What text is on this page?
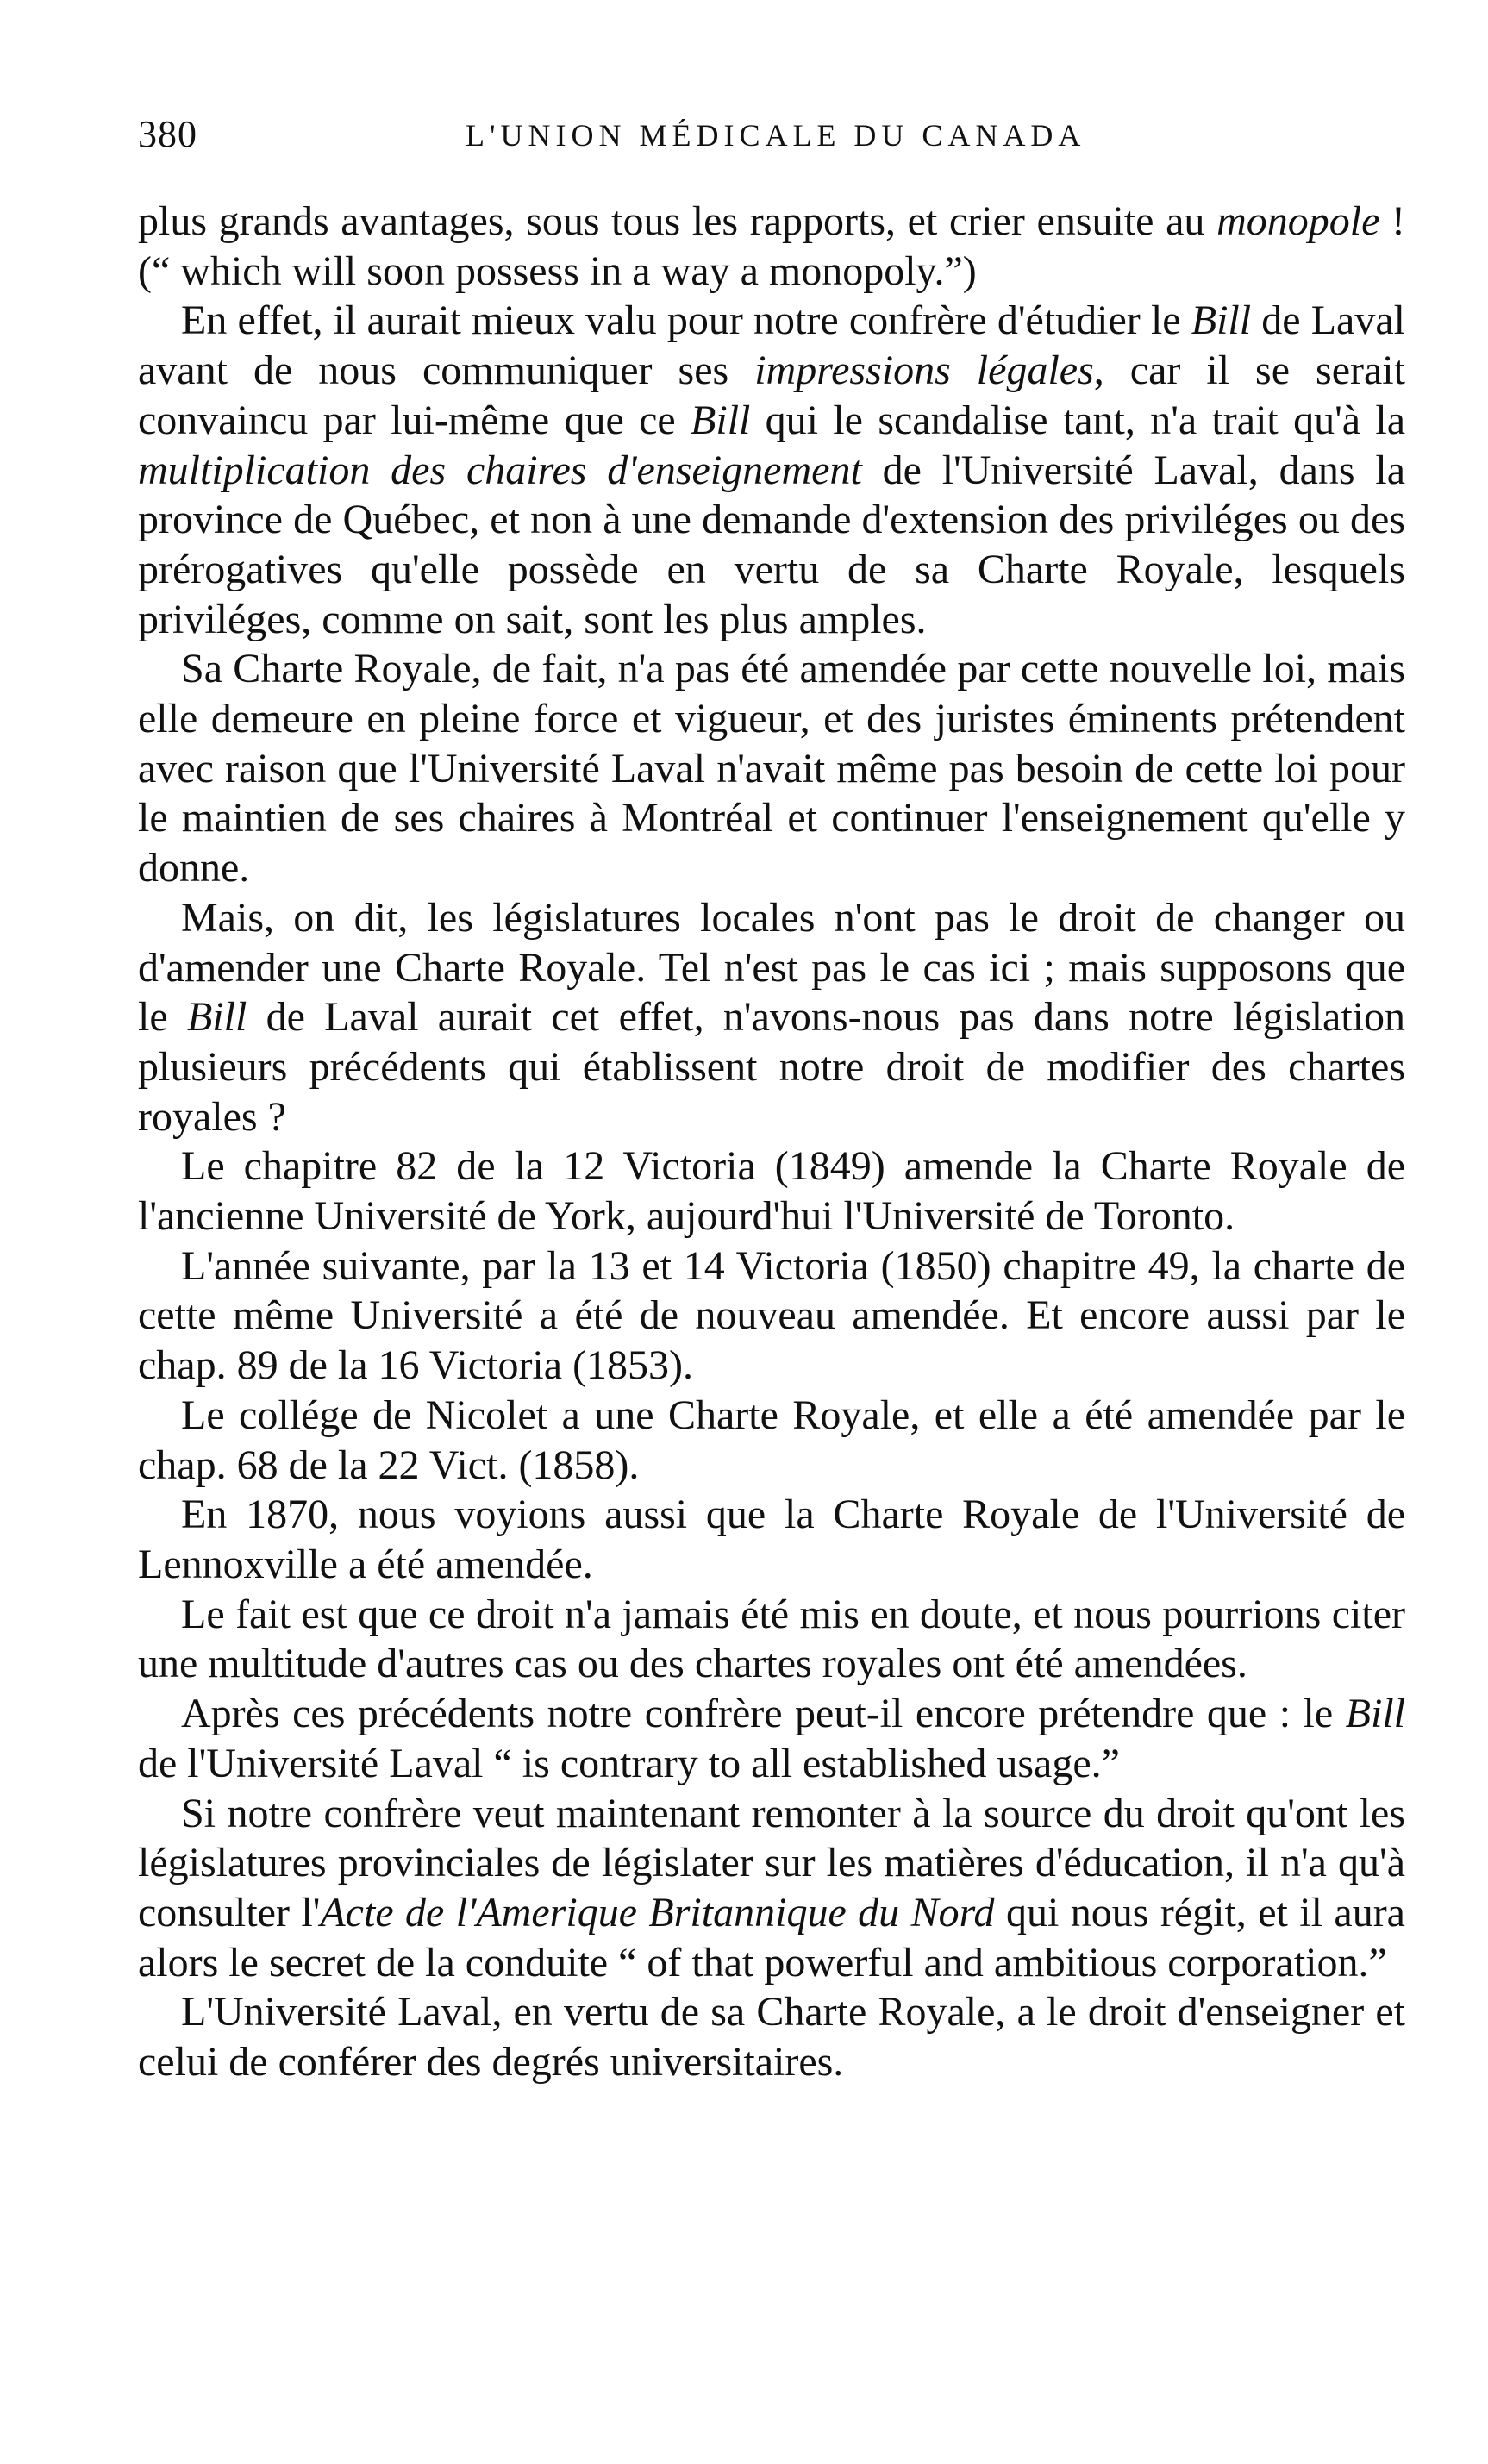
380	L'UNION MÉDICALE DU CANADA

plus grands avantages, sous tous les rapports, et crier ensuite au monopole ! (“ which will soon possess in a way a monopoly.”)

En effet, il aurait mieux valu pour notre confrère d'étudier le Bill de Laval avant de nous communiquer ses impressions légales, car il se serait convaincu par lui-même que ce Bill qui le scandalise tant, n'a trait qu'à la multiplication des chaires d'enseignement de l'Université Laval, dans la province de Québec, et non à une demande d'extension des priviléges ou des prérogatives qu'elle possède en vertu de sa Charte Royale, lesquels priviléges, comme on sait, sont les plus amples.

Sa Charte Royale, de fait, n'a pas été amendée par cette nouvelle loi, mais elle demeure en pleine force et vigueur, et des juristes éminents prétendent avec raison que l'Université Laval n'avait même pas besoin de cette loi pour le maintien de ses chaires à Montréal et continuer l'enseignement qu'elle y donne.

Mais, on dit, les législatures locales n'ont pas le droit de changer ou d'amender une Charte Royale. Tel n'est pas le cas ici ; mais supposons que le Bill de Laval aurait cet effet, n'avons-nous pas dans notre législation plusieurs précédents qui établissent notre droit de modifier des chartes royales ?

Le chapitre 82 de la 12 Victoria (1849) amende la Charte Royale de l'ancienne Université de York, aujourd'hui l'Université de Toronto.

L'année suivante, par la 13 et 14 Victoria (1850) chapitre 49, la charte de cette même Université a été de nouveau amendée. Et encore aussi par le chap. 89 de la 16 Victoria (1853).

Le collége de Nicolet a une Charte Royale, et elle a été amendée par le chap. 68 de la 22 Vict. (1858).

En 1870, nous voyions aussi que la Charte Royale de l'Université de Lennoxville a été amendée.

Le fait est que ce droit n'a jamais été mis en doute, et nous pourrions citer une multitude d'autres cas ou des chartes royales ont été amendées.

Après ces précédents notre confrère peut-il encore prétendre que : le Bill de l'Université Laval “ is contrary to all established usage.”

Si notre confrère veut maintenant remonter à la source du droit qu'ont les législatures provinciales de législater sur les matières d'éducation, il n'a qu'à consulter l'Acte de l'Amerique Britannique du Nord qui nous régit, et il aura alors le secret de la conduite “ of that powerful and ambitious corporation.”

L'Université Laval, en vertu de sa Charte Royale, a le droit d'enseigner et celui de conférer des degrés universitaires.
